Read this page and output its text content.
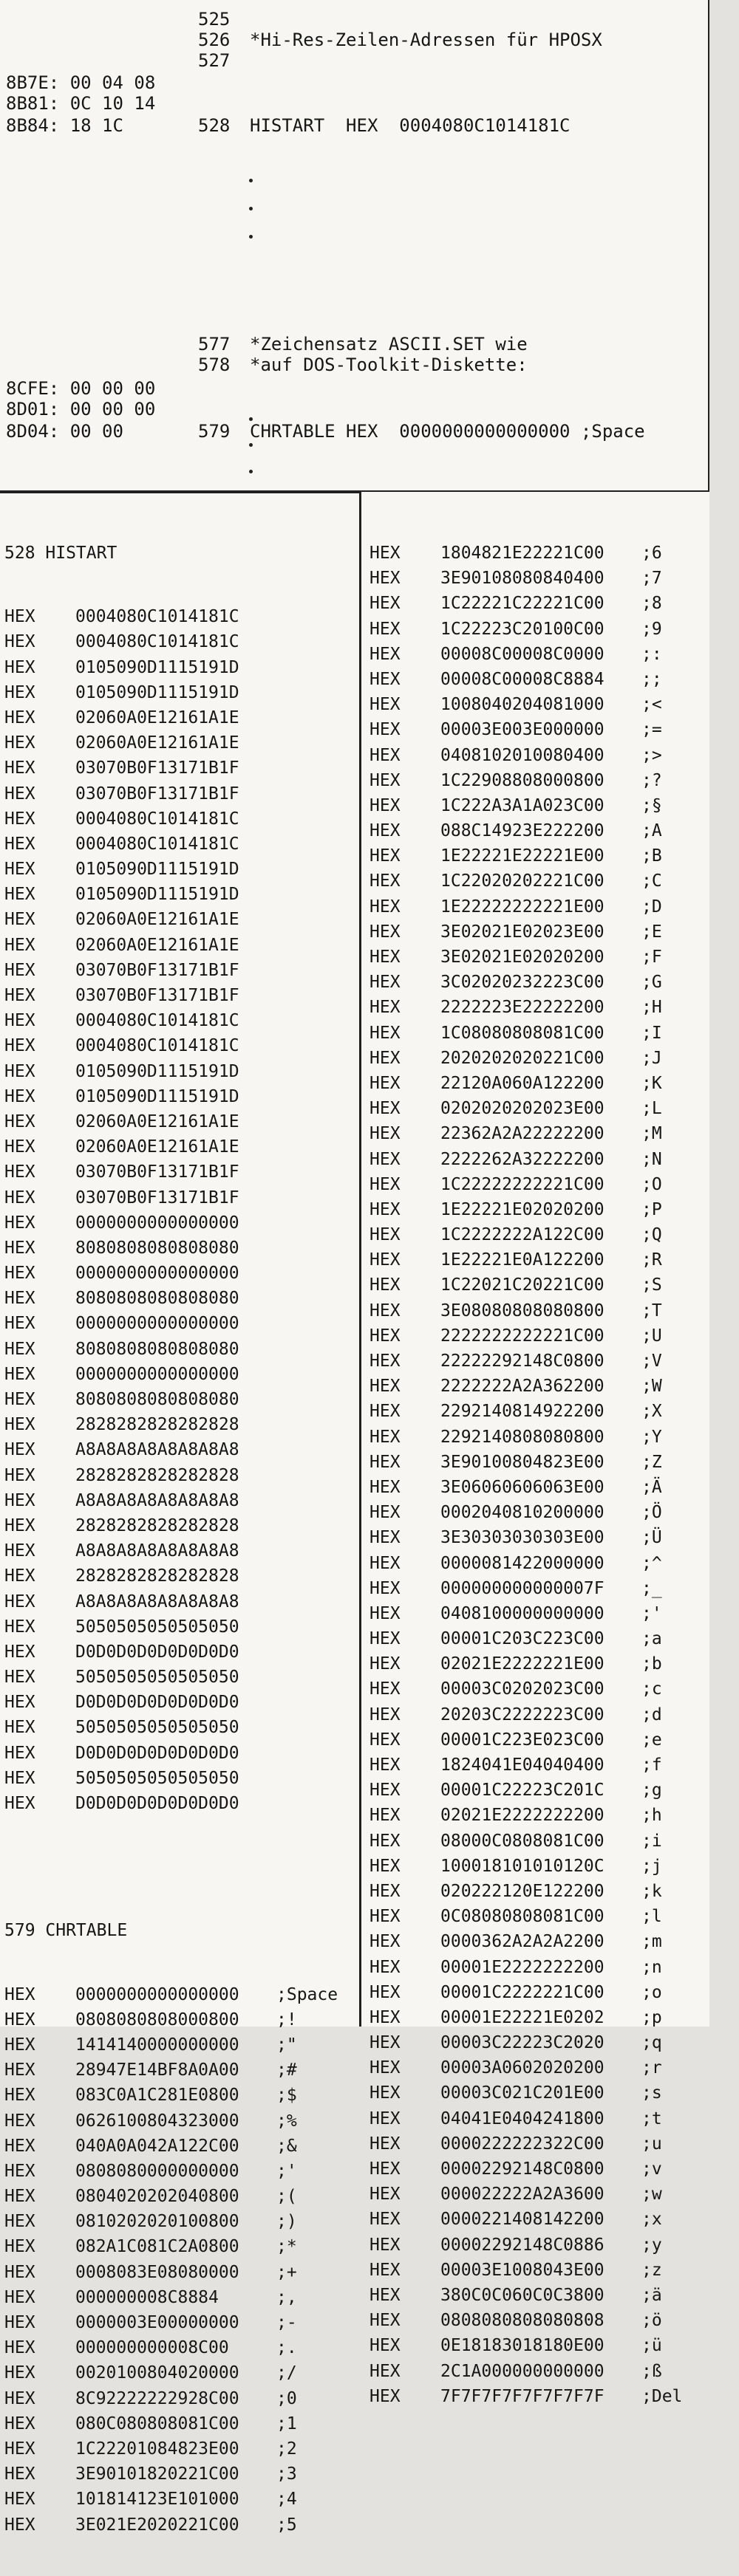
525
526 *Hi-Res-Zeilen-Adressen für HPOSX
527
8B7E: 00 04 08
8B81: 0C 10 14
8B84: 18 1C	528 HISTART  HEX  0004080C1014181C
577 *Zeichensatz ASCII.SET wie
578 *auf DOS-Toolkit-Diskette:
8CFE: 00 00 00
8D01: 00 00 00
8D04: 00 00	579 CHRTABLE HEX  0000000000000000 ;Space

528 HISTART

HEX 0004080C1014181C
HEX 0004080C1014181C
HEX 0105090D1115191D
HEX 0105090D1115191D
HEX 02060A0E12161A1E
HEX 02060A0E12161A1E
HEX 03070B0F13171B1F
HEX 03070B0F13171B1F
HEX 0004080C1014181C
HEX 0004080C1014181C
HEX 0105090D1115191D
HEX 0105090D1115191D
HEX 02060A0E12161A1E
HEX 02060A0E12161A1E
HEX 03070B0F13171B1F
HEX 03070B0F13171B1F
HEX 0004080C1014181C
HEX 0004080C1014181C
HEX 0105090D1115191D
HEX 0105090D1115191D
HEX 02060A0E12161A1E
HEX 02060A0E12161A1E
HEX 03070B0F13171B1F
HEX 03070B0F13171B1F
HEX 0000000000000000
HEX 8080808080808080
HEX 0000000000000000
HEX 8080808080808080
HEX 0000000000000000
HEX 8080808080808080
HEX 0000000000000000
HEX 8080808080808080
HEX 2828282828282828
HEX A8A8A8A8A8A8A8A8
HEX 2828282828282828
HEX A8A8A8A8A8A8A8A8
HEX 2828282828282828
HEX A8A8A8A8A8A8A8A8
HEX 2828282828282828
HEX A8A8A8A8A8A8A8A8
HEX 5050505050505050
HEX D0D0D0D0D0D0D0D0
HEX 5050505050505050
HEX D0D0D0D0D0D0D0D0
HEX 5050505050505050
HEX D0D0D0D0D0D0D0D0
HEX 5050505050505050
HEX D0D0D0D0D0D0D0D0

579 CHRTABLE

HEX 0000000000000000 ;Space
HEX 0808080808000800 ;!
HEX 1414140000000000 ;"
HEX 28947E14BF8A0A00 ;#
HEX 083C0A1C281E0800 ;$
HEX 0626100804323000 ;%
HEX 040A0A042A122C00 ;&
HEX 0808080000000000 ;'
HEX 0804020202040800 ;(
HEX 0810202020100800 ;)
HEX 082A1C081C2A0800 ;*
HEX 0008083E08080000 ;+
HEX 000000008C8884	;,
HEX 0000003E00000000 ;-
HEX 000000000008C00	;.
HEX 0020100804020000 ;/
HEX 8C92222222928C00 ;0
HEX 080C080808081C00 ;1
HEX 1C22201084823E00 ;2
HEX 3E90101820221C00 ;3
HEX 101814123E101000 ;4
HEX 3E021E2020221C00 ;5

HEX 1804821E22221C00 ;6
HEX 3E90108080840400 ;7
HEX 1C22221C22221C00 ;8
HEX 1C22223C20100C00 ;9
HEX 00008C00008C0000 ;:
HEX 00008C00008C8884 ;;
HEX 1008040204081000 ;<
HEX 00003E003E000000 ;=
HEX 0408102010080400 ;>
HEX 1C22908808000800 ;?
HEX 1C222A3A1A023C00 ;§
HEX 088C14923E222200 ;A
HEX 1E22221E22221E00 ;B
HEX 1C22020202221C00 ;C
HEX 1E22222222221E00 ;D
HEX 3E02021E02023E00 ;E
HEX 3E02021E02020200 ;F
HEX 3C02020232223C00 ;G
HEX 2222223E22222200 ;H
HEX 1C08080808081C00 ;I
HEX 2020202020221C00 ;J
HEX 22120A060A122200 ;K
HEX 0202020202023E00 ;L
HEX 22362A2A22222200 ;M
HEX 2222262A32222200 ;N
HEX 1C22222222221C00 ;O
HEX 1E22221E02020200 ;P
HEX 1C2222222A122C00 ;Q
HEX 1E22221E0A122200 ;R
HEX 1C22021C20221C00 ;S
HEX 3E08080808080800 ;T
HEX 2222222222221C00 ;U
HEX 22222292148C0800 ;V
HEX 2222222A2A362200 ;W
HEX 2292140814922200 ;X
HEX 2292140808080800 ;Y
HEX 3E90100804823E00 ;Z
HEX 3E06060606063E00 ;Ä
HEX 0002040810200000 ;Ö
HEX 3E30303030303E00 ;Ü
HEX 0000081422000000 ;^
HEX 000000000000007F ;_
HEX 0408100000000000 ;'
HEX 00001C203C223C00 ;a
HEX 02021E2222221E00 ;b
HEX 00003C0202023C00 ;c
HEX 20203C2222223C00 ;d
HEX 00001C223E023C00 ;e
HEX 1824041E04040400 ;f
HEX 00001C22223C201C ;g
HEX 02021E2222222200 ;h
HEX 08000C0808081C00 ;i
HEX 100018101010120C ;j
HEX 020222120E122200 ;k
HEX 0C08080808081C00 ;l
HEX 0000362A2A2A2200 ;m
HEX 00001E2222222200 ;n
HEX 00001C2222221C00 ;o
HEX 00001E22221E0202 ;p
HEX 00003C22223C2020 ;q
HEX 00003A0602020200 ;r
HEX 00003C021C201E00 ;s
HEX 04041E0404241800 ;t
HEX 0000222222322C00 ;u
HEX 00002292148C0800 ;v
HEX 000022222A2A3600 ;w
HEX 0000221408142200 ;x
HEX 00002292148C0886 ;y
HEX 00003E1008043E00 ;z
HEX 380C0C060C0C3800 ;ä
HEX 0808080808080808 ;ö
HEX 0E18183018180E00 ;ü
HEX 2C1A000000000000 ;ß
HEX 7F7F7F7F7F7F7F7F ;Del
